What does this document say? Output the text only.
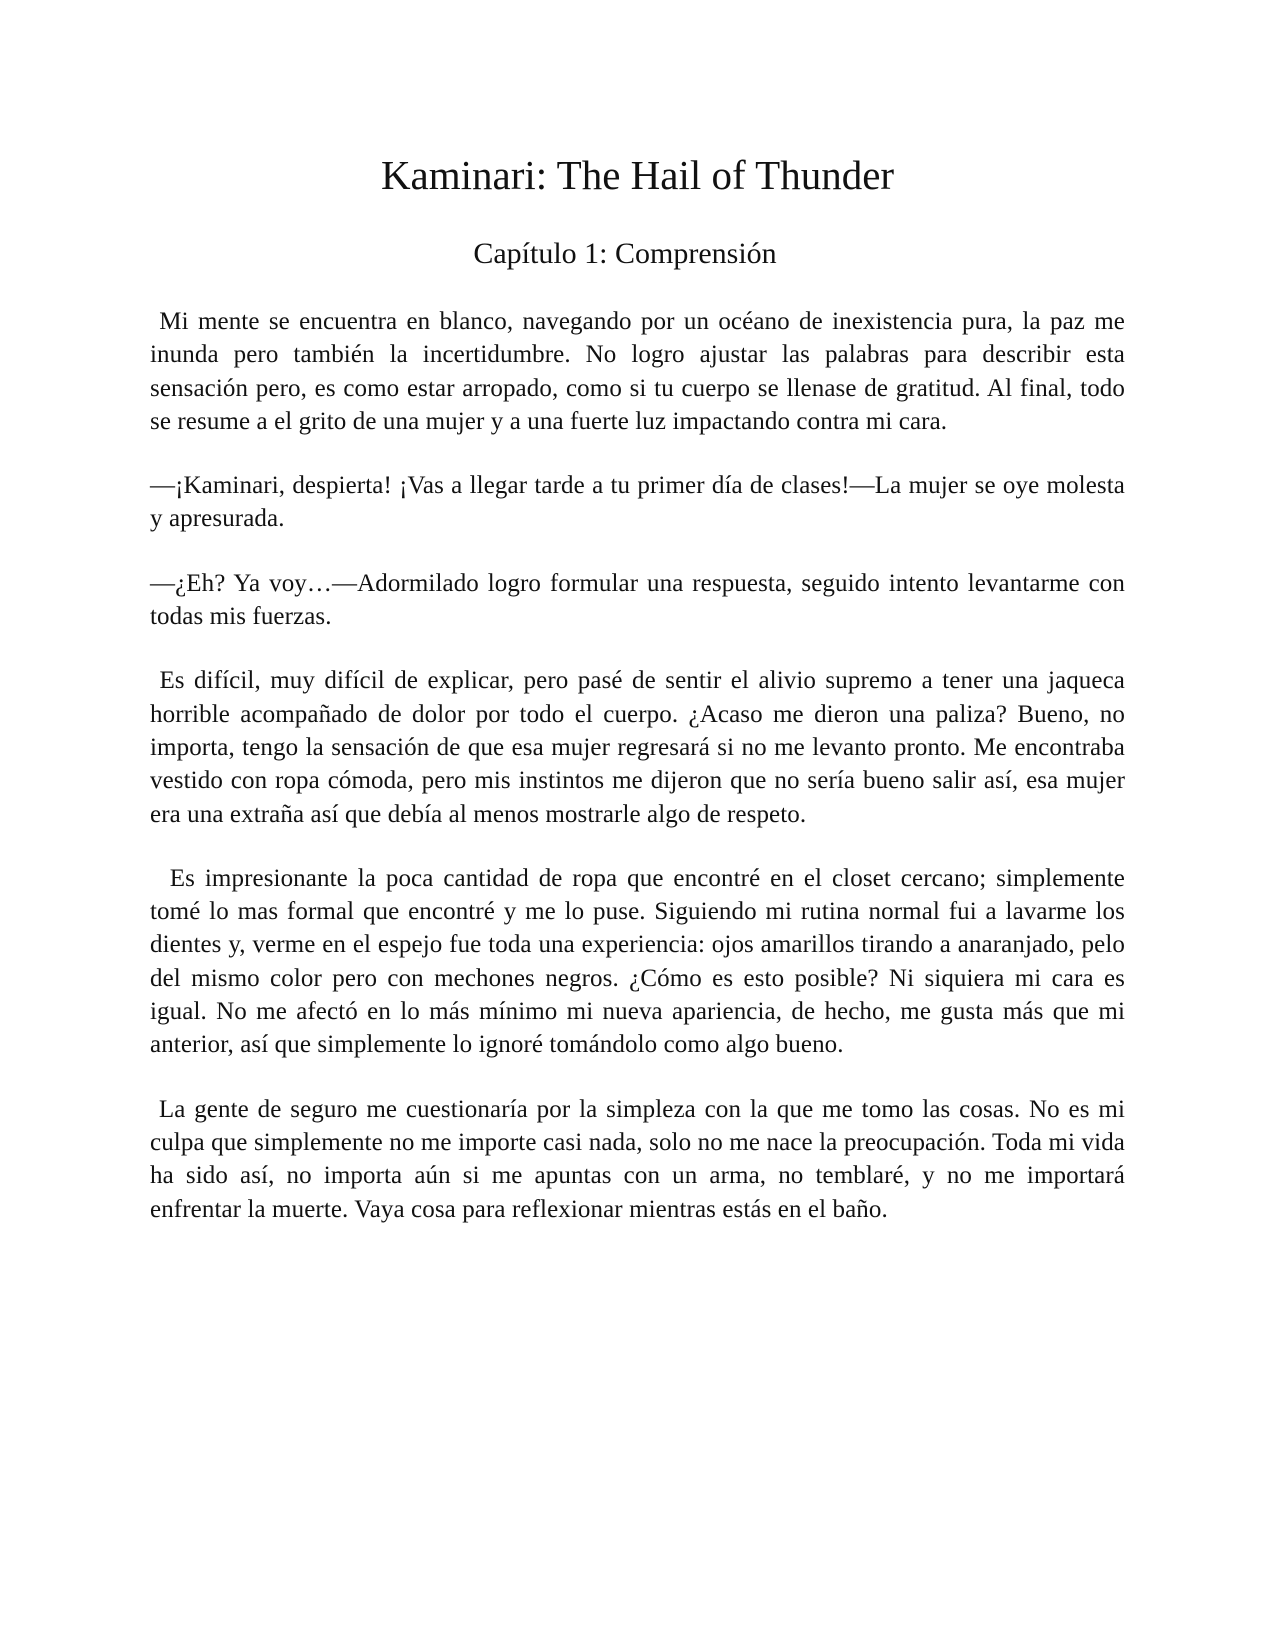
Kaminari: The Hail of Thunder
Capítulo 1: Comprensión

Mi mente se encuentra en blanco, navegando por un océano de inexistencia pura, la paz me inunda pero también la incertidumbre. No logro ajustar las palabras para describir esta sensación pero, es como estar arropado, como si tu cuerpo se llenase de gratitud. Al final, todo se resume a el grito de una mujer y a una fuerte luz impactando contra mi cara.

—¡Kaminari, despierta! ¡Vas a llegar tarde a tu primer día de clases!—La mujer se oye molesta y apresurada.

—¿Eh? Ya voy…—Adormilado logro formular una respuesta, seguido intento levantarme con todas mis fuerzas.

Es difícil, muy difícil de explicar, pero pasé de sentir el alivio supremo a tener una jaqueca horrible acompañado de dolor por todo el cuerpo. ¿Acaso me dieron una paliza? Bueno, no importa, tengo la sensación de que esa mujer regresará si no me levanto pronto. Me encontraba vestido con ropa cómoda, pero mis instintos me dijeron que no sería bueno salir así, esa mujer era una extraña así que debía al menos mostrarle algo de respeto.

Es impresionante la poca cantidad de ropa que encontré en el closet cercano; simplemente tomé lo mas formal que encontré y me lo puse. Siguiendo mi rutina normal fui a lavarme los dientes y, verme en el espejo fue toda una experiencia: ojos amarillos tirando a anaranjado, pelo del mismo color pero con mechones negros. ¿Cómo es esto posible? Ni siquiera mi cara es igual. No me afectó en lo más mínimo mi nueva apariencia, de hecho, me gusta más que mi anterior, así que simplemente lo ignoré tomándolo como algo bueno.

La gente de seguro me cuestionaría por la simpleza con la que me tomo las cosas. No es mi culpa que simplemente no me importe casi nada, solo no me nace la preocupación. Toda mi vida ha sido así, no importa aún si me apuntas con un arma, no temblaré, y no me importará enfrentar la muerte. Vaya cosa para reflexionar mientras estás en el baño.
